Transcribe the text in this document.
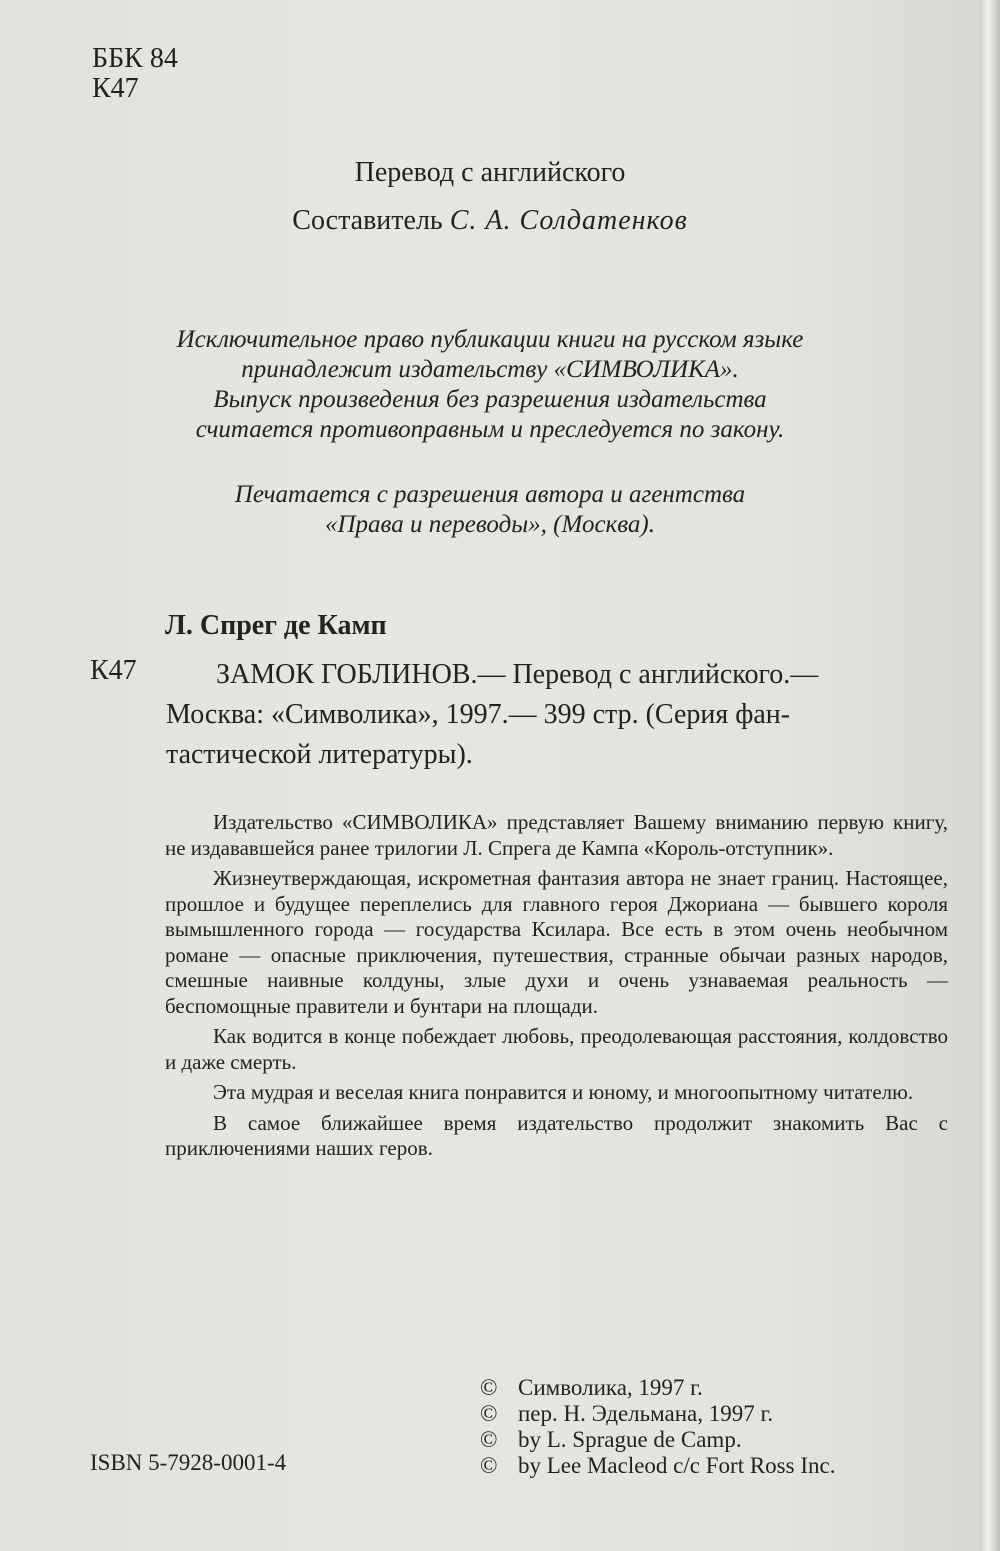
ББК 84
К47
Перевод с английского
Составитель С. А. Солдатенков
Исключительное право публикации книги на русском языке
принадлежит издательству «СИМВОЛИКА».
Выпуск произведения без разрешения издательства
считается противоправным и преследуется по закону.
Печатается с разрешения автора и агентства
«Права и переводы», (Москва).
Л. Спрег де Камп
К47	ЗАМОК ГОБЛИНОВ.— Перевод с английского.—
Москва: «Символика», 1997.— 399 стр. (Серия фан-
тастической литературы).

Издательство «СИМВОЛИКА» представляет Вашему вниманию первую книгу, не издававшейся ранее трилогии Л. Спрега де Кампа «Король-отступник».

Жизнеутверждающая, искрометная фантазия автора не знает границ. Настоящее, прошлое и будущее переплелись для главного героя Джориана — бывшего короля вымышленного города — государства Ксилара. Все есть в этом очень необычном романе — опасные приключения, путешествия, странные обычаи разных народов, смешные наивные колдуны, злые духи и очень узнаваемая реальность — беспомощные правители и бунтари на площади.

Как водится в конце побеждает любовь, преодолевающая расстояния, колдовство и даже смерть.

Эта мудрая и веселая книга понравится и юному, и многоопытному читателю.

В самое ближайшее время издательство продолжит знакомить Вас с приключениями наших геров.

© Символика, 1997 г.
© пер. Н. Эдельмана, 1997 г.
© by L. Sprague de Camp.
© by Lee Macleod c/c Fort Ross Inc.
ISBN 5-7928-0001-4
